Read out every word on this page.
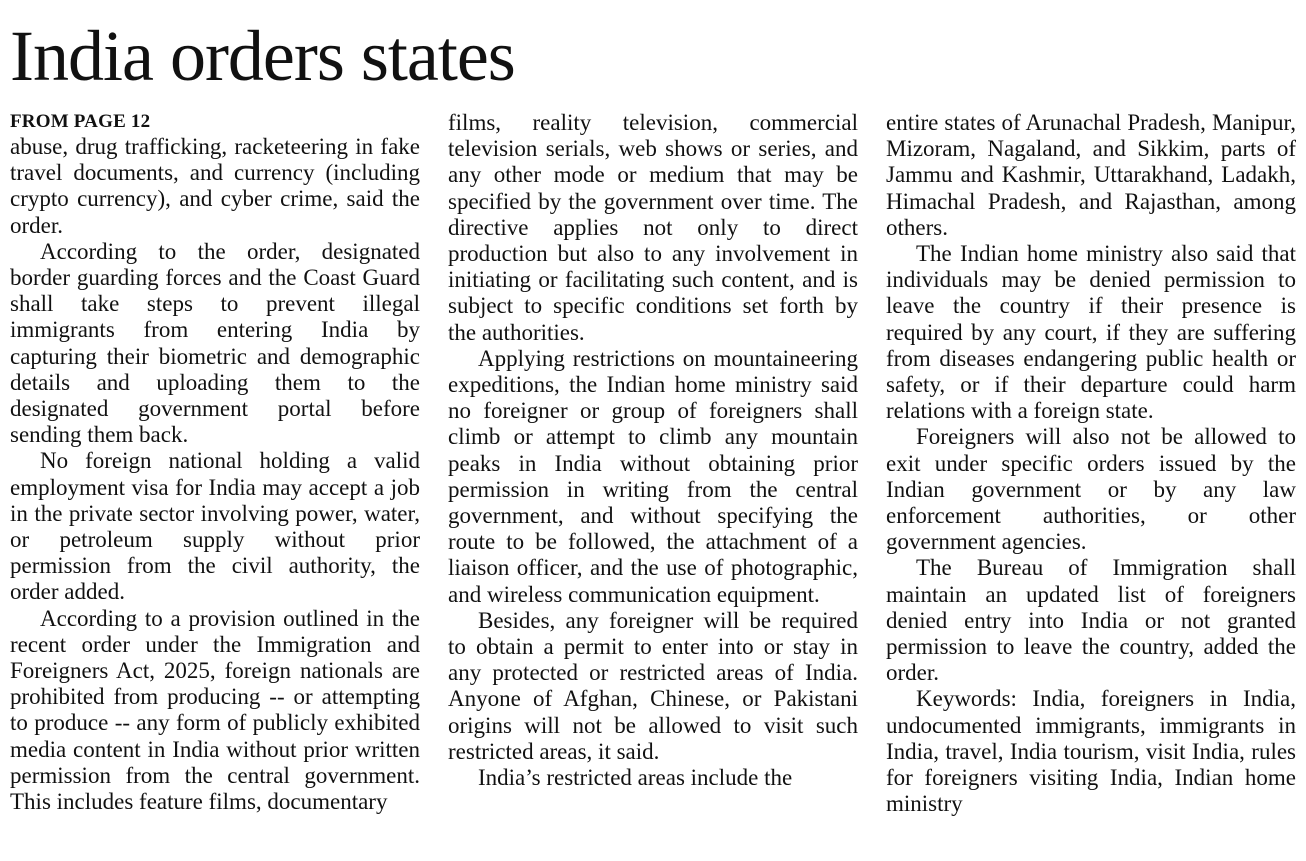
India orders states

FROM PAGE 12

abuse, drug trafficking, racketeering in fake travel documents, and currency (including crypto currency), and cyber crime, said the order.

According to the order, designated border guarding forces and the Coast Guard shall take steps to prevent illegal immigrants from entering India by capturing their biometric and demographic details and uploading them to the designated government portal before sending them back.

No foreign national holding a valid employment visa for India may accept a job in the private sector involving power, water, or petroleum supply without prior permission from the civil authority, the order added.

According to a provision outlined in the recent order under the Immigration and Foreigners Act, 2025, foreign nationals are prohibited from producing -- or attempting to produce -- any form of publicly exhibited media content in India without prior written permission from the central government. This includes feature films, documentary

films, reality television, commercial television serials, web shows or series, and any other mode or medium that may be specified by the government over time. The directive applies not only to direct production but also to any involvement in initiating or facilitating such content, and is subject to specific conditions set forth by the authorities.

Applying restrictions on mountaineering expeditions, the Indian home ministry said no foreigner or group of foreigners shall climb or attempt to climb any mountain peaks in India without obtaining prior permission in writing from the central government, and without specifying the route to be followed, the attachment of a liaison officer, and the use of photographic, and wireless communication equipment.

Besides, any foreigner will be required to obtain a permit to enter into or stay in any protected or restricted areas of India. Anyone of Afghan, Chinese, or Pakistani origins will not be allowed to visit such restricted areas, it said.

India’s restricted areas include the

entire states of Arunachal Pradesh, Manipur, Mizoram, Nagaland, and Sikkim, parts of Jammu and Kashmir, Uttarakhand, Ladakh, Himachal Pradesh, and Rajasthan, among others.

The Indian home ministry also said that individuals may be denied permission to leave the country if their presence is required by any court, if they are suffering from diseases endangering public health or safety, or if their departure could harm relations with a foreign state.

Foreigners will also not be allowed to exit under specific orders issued by the Indian government or by any law enforcement authorities, or other government agencies.

The Bureau of Immigration shall maintain an updated list of foreigners denied entry into India or not granted permission to leave the country, added the order.

Keywords: India, foreigners in India, undocumented immigrants, immigrants in India, travel, India tourism, visit India, rules for foreigners visiting India, Indian home ministry
